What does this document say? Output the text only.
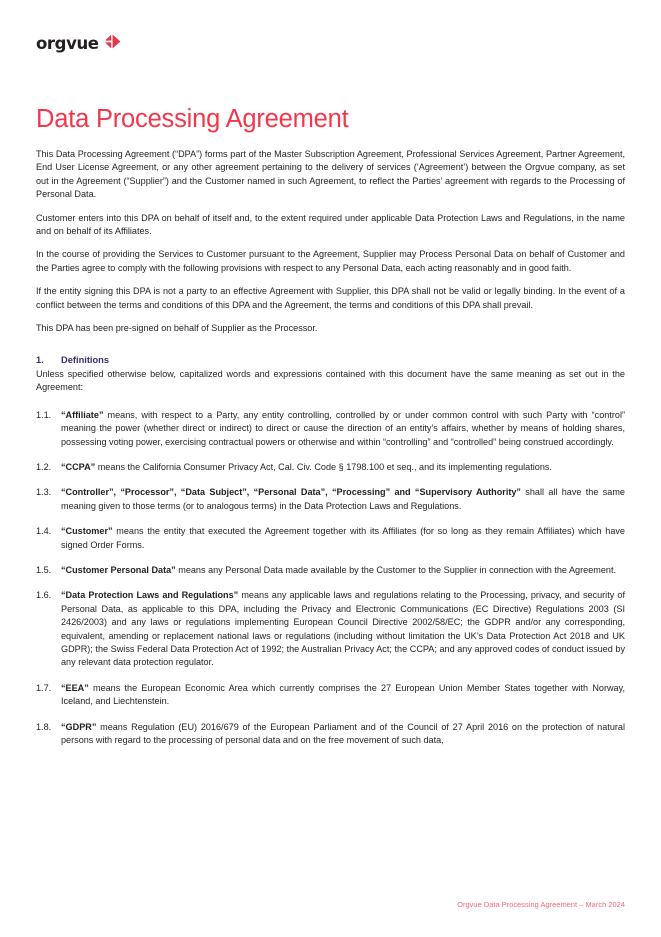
orgvue
Data Processing Agreement

This Data Processing Agreement (“DPA”) forms part of the Master Subscription Agreement, Professional Services Agreement, Partner Agreement, End User License Agreement, or any other agreement pertaining to the delivery of services (‘Agreement’) between the Orgvue company, as set out in the Agreement (“Supplier”) and the Customer named in such Agreement, to reflect the Parties’ agreement with regards to the Processing of Personal Data.

Customer enters into this DPA on behalf of itself and, to the extent required under applicable Data Protection Laws and Regulations, in the name and on behalf of its Affiliates.

In the course of providing the Services to Customer pursuant to the Agreement, Supplier may Process Personal Data on behalf of Customer and the Parties agree to comply with the following provisions with respect to any Personal Data, each acting reasonably and in good faith.

If the entity signing this DPA is not a party to an effective Agreement with Supplier, this DPA shall not be valid or legally binding. In the event of a conflict between the terms and conditions of this DPA and the Agreement, the terms and conditions of this DPA shall prevail.

This DPA has been pre-signed on behalf of Supplier as the Processor.

1.	Definitions

Unless specified otherwise below, capitalized words and expressions contained with this document have the same meaning as set out in the Agreement:

1.1.	“Affiliate” means, with respect to a Party, any entity controlling, controlled by or under common control with such Party with “control” meaning the power (whether direct or indirect) to direct or cause the direction of an entity’s affairs, whether by means of holding shares, possessing voting power, exercising contractual powers or otherwise and within “controlling” and “controlled” being construed accordingly.
1.2.	“CCPA” means the California Consumer Privacy Act, Cal. Civ. Code § 1798.100 et seq., and its implementing regulations.
1.3.	“Controller”, “Processor”, “Data Subject”, “Personal Data”, “Processing” and “Supervisory Authority” shall all have the same meaning given to those terms (or to analogous terms) in the Data Protection Laws and Regulations.
1.4.	“Customer” means the entity that executed the Agreement together with its Affiliates (for so long as they remain Affiliates) which have signed Order Forms.
1.5.	“Customer Personal Data” means any Personal Data made available by the Customer to the Supplier in connection with the Agreement.
1.6.	“Data Protection Laws and Regulations” means any applicable laws and regulations relating to the Processing, privacy, and security of Personal Data, as applicable to this DPA, including the Privacy and Electronic Communications (EC Directive) Regulations 2003 (SI 2426/2003) and any laws or regulations implementing European Council Directive 2002/58/EC; the GDPR and/or any corresponding, equivalent, amending or replacement national laws or regulations (including without limitation the UK’s Data Protection Act 2018 and UK GDPR); the Swiss Federal Data Protection Act of 1992; the Australian Privacy Act; the CCPA; and any approved codes of conduct issued by any relevant data protection regulator.
1.7.	“EEA” means the European Economic Area which currently comprises the 27 European Union Member States together with Norway, Iceland, and Liechtenstein.
1.8.	“GDPR” means Regulation (EU) 2016/679 of the European Parliament and of the Council of 27 April 2016 on the protection of natural persons with regard to the processing of personal data and on the free movement of such data,
Orgvue Data Processing Agreement – March 2024
